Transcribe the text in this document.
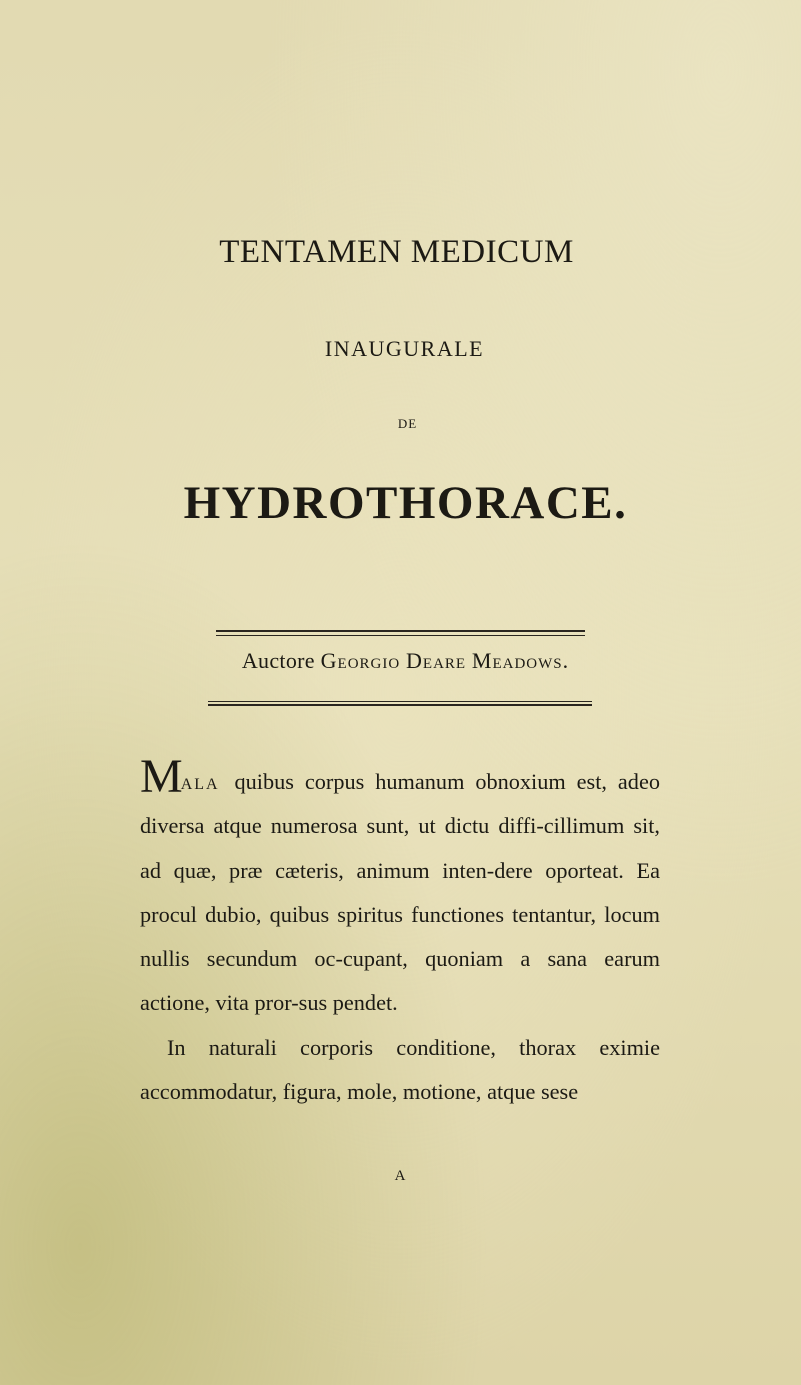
TENTAMEN MEDICUM
INAUGURALE
DE
HYDROTHORACE.
Auctore Georgio Deare Meadows.

Mala quibus corpus humanum obnoxium est, adeo diversa atque numerosa sunt, ut dictu diffi-cillimum sit, ad quæ, præ cæteris, animum inten-dere oporteat. Ea procul dubio, quibus spiritus functiones tentantur, locum nullis secundum oc-cupant, quoniam a sana earum actione, vita pror-sus pendet.

In naturali corporis conditione, thorax eximie accommodatur, figura, mole, motione, atque sese

A
